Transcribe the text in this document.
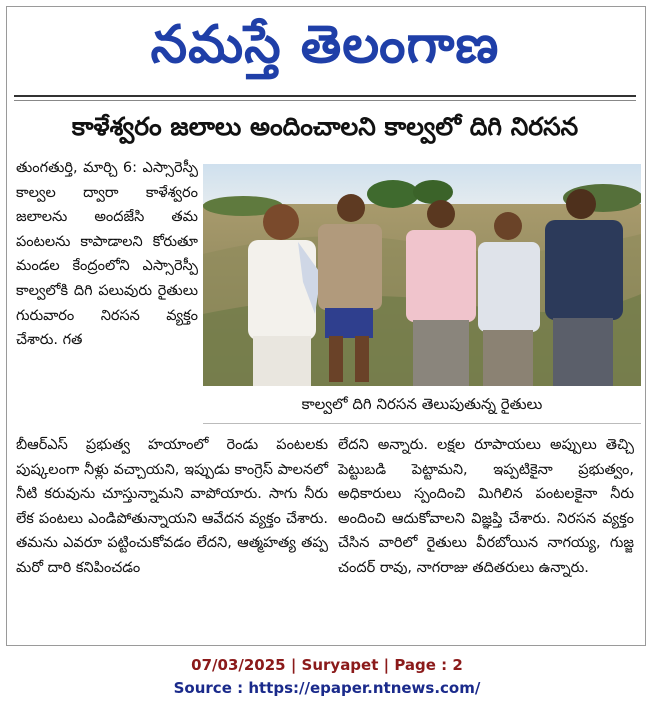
నమస్తే తెలంగాణ
కాళేశ్వరం జలాలు అందించాలని కాల్వలో దిగి నిరసన

తుంగతుర్తి, మార్చి 6: ఎస్సారెస్పీ కాల్వల ద్వారా కాళేశ్వరం జలాలను అందజేసి తమ పంటలను కాపాడాలని కోరుతూ మండల కేంద్రంలోని ఎస్సారెస్పీ కాల్వలోకి దిగి పలువురు రైతులు గురువారం నిరసన వ్యక్తం చేశారు. గత

కాల్వలో దిగి నిరసన తెలుపుతున్న రైతులు

బీఆర్ఎస్ ప్రభుత్వ హయాంలో రెండు పంటలకు పుష్కలంగా నీళ్లు వచ్చాయని, ఇప్పుడు కాంగ్రెస్ పాలనలో నీటి కరువును చూస్తున్నామని వాపోయారు. సాగు నీరు లేక పంటలు ఎండిపోతున్నాయని ఆవేదన వ్యక్తం చేశారు. తమను ఎవరూ పట్టించుకోవడం లేదని, ఆత్మహత్య తప్ప మరో దారి కనిపించడం

లేదని అన్నారు. లక్షల రూపాయలు అప్పులు తెచ్చి పెట్టుబడి పెట్టామని, ఇప్పటికైనా ప్రభుత్వం, అధికారులు స్పందించి మిగిలిన పంటలకైనా నీరు అందించి ఆదుకోవాలని విజ్ఞప్తి చేశారు. నిరసన వ్యక్తం చేసిన వారిలో రైతులు వీరబోయిన నాగయ్య, గుజ్జ చందర్ రావు, నాగరాజు తదితరులు ఉన్నారు.

07/03/2025 | Suryapet | Page : 2
Source : https://epaper.ntnews.com/
